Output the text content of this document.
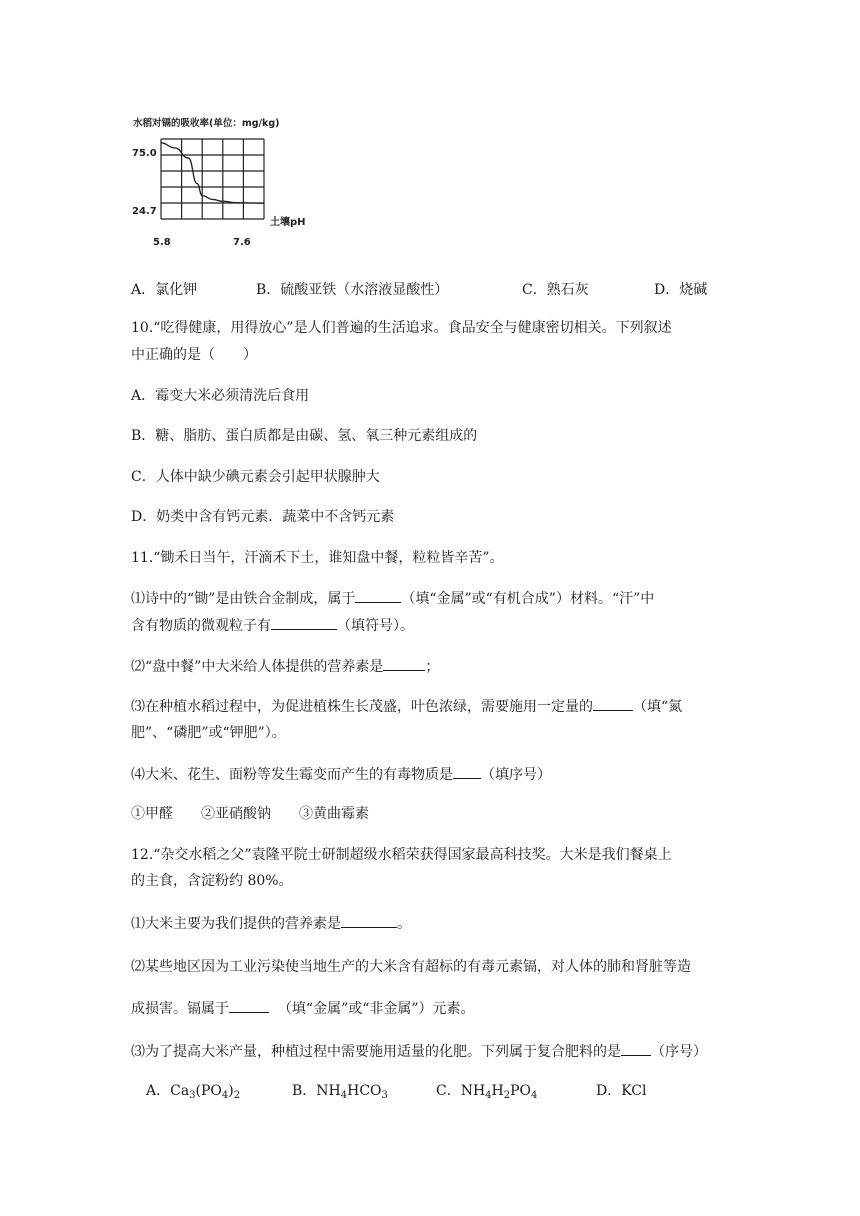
水稻对镉的吸收率(单位：mg/kg)
75.0
24.7
5.8	7.6
土壤pH
A．氯化钾	B．硫酸亚铁（水溶液显酸性）	C．熟石灰	D．烧碱
10.“吃得健康，用得放心”是人们普遍的生活追求。食品安全与健康密切相关。下列叙述
中正确的是（　　）
A．霉变大米必须清洗后食用
B．糖、脂肪、蛋白质都是由碳、氢、氧三种元素组成的
C．人体中缺少碘元素会引起甲状腺肿大
D．奶类中含有钙元素．蔬菜中不含钙元素
11.“锄禾日当午，汗滴禾下土，谁知盘中餐，粒粒皆辛苦”。
⑴诗中的“锄”是由铁合金制成，属于	（填“金属”或“有机合成”）材料。“汗”中
含有物质的微观粒子有	（填符号）。
⑵“盘中餐”中大米给人体提供的营养素是	；
⑶在种植水稻过程中，为促进植株生长茂盛，叶色浓绿，需要施用一定量的	（填“氮
肥”、“磷肥”或“钾肥”）。
⑷大米、花生、面粉等发生霉变而产生的有毒物质是 （填序号）
①甲醛　　②亚硝酸钠　　③黄曲霉素
12.“杂交水稻之父”袁隆平院士研制超级水稻荣获得国家最高科技奖。大米是我们餐桌上
的主食，含淀粉约 80%。
⑴大米主要为我们提供的营养素是	。
⑵某些地区因为工业污染使当地生产的大米含有超标的有毒元素镉，对人体的肺和肾脏等造
成损害。镉属于	（填“金属”或“非金属”）元素。
⑶为了提高大米产量，种植过程中需要施用适量的化肥。下列属于复合肥料的是 （序号）
A．$Ca_3(PO_4)_2$	B．$NH_4HCO_3$	C．$NH_4H_2PO_4$	D．KCl
